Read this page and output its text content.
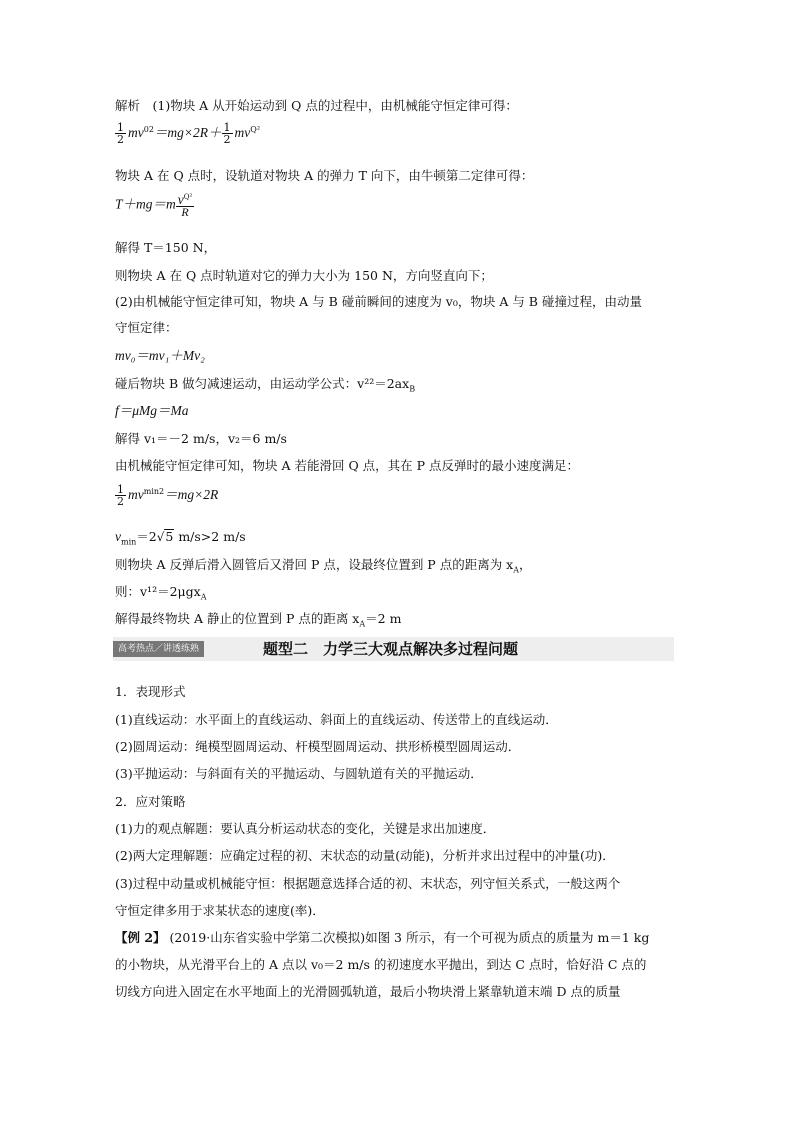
解析　(1)物块 A 从开始运动到 Q 点的过程中，由机械能守恒定律可得：
$\frac{1}{2} mv^{02}=mg\times 2R+ \frac{1}{2} mv^{Q^2}$
物块 A 在 Q 点时，设轨道对物块 A 的弹力 T 向下，由牛顿第二定律可得：
$T+mg=m \frac{v^{Q^2}}{R}$
解得 T＝150 N，
则物块 A 在 Q 点时轨道对它的弹力大小为 150 N，方向竖直向下；
(2)由机械能守恒定律可知，物块 A 与 B 碰前瞬间的速度为 v₀，物块 A 与 B 碰撞过程，由动量
守恒定律：
mv₀＝mv₁＋Mv₂
碰后物块 B 做匀减速运动，由运动学公式：$v^{22}=2ax_B$
f＝μMg＝Ma
解得 v₁＝－2 m/s，v₂＝6 m/s
由机械能守恒定律可知，物块 A 若能滑回 Q 点，其在 P 点反弹时的最小速度满足：
$\frac{1}{2} mv^{min2}=mg\times 2R$
$v_{min}=2√5$ m/s>2 m/s
则物块 A 反弹后滑入圆管后又滑回 P 点，设最终位置到 P 点的距离为 $x_A$，
则：v¹²＝2μgx$_A$
解得最终物块 A 静止的位置到 P 点的距离 $x_A=2$ m
高考热点／讲透练熟	题型二　力学三大观点解决多过程问题
1．表现形式
(1)直线运动：水平面上的直线运动、斜面上的直线运动、传送带上的直线运动．
(2)圆周运动：绳模型圆周运动、杆模型圆周运动、拱形桥模型圆周运动．
(3)平抛运动：与斜面有关的平抛运动、与圆轨道有关的平抛运动．
2．应对策略
(1)力的观点解题：要认真分析运动状态的变化，关键是求出加速度．
(2)两大定理解题：应确定过程的初、末状态的动量(动能)，分析并求出过程中的冲量(功)．
(3)过程中动量或机械能守恒：根据题意选择合适的初、末状态，列守恒关系式，一般这两个
守恒定律多用于求某状态的速度(率)．
【例 2】 (2019·山东省实验中学第二次模拟)如图 3 所示，有一个可视为质点的质量为 m＝1 kg
的小物块，从光滑平台上的 A 点以 v₀＝2 m/s 的初速度水平抛出，到达 C 点时，恰好沿 C 点的
切线方向进入固定在水平地面上的光滑圆弧轨道，最后小物块滑上紧靠轨道末端 D 点的质量
